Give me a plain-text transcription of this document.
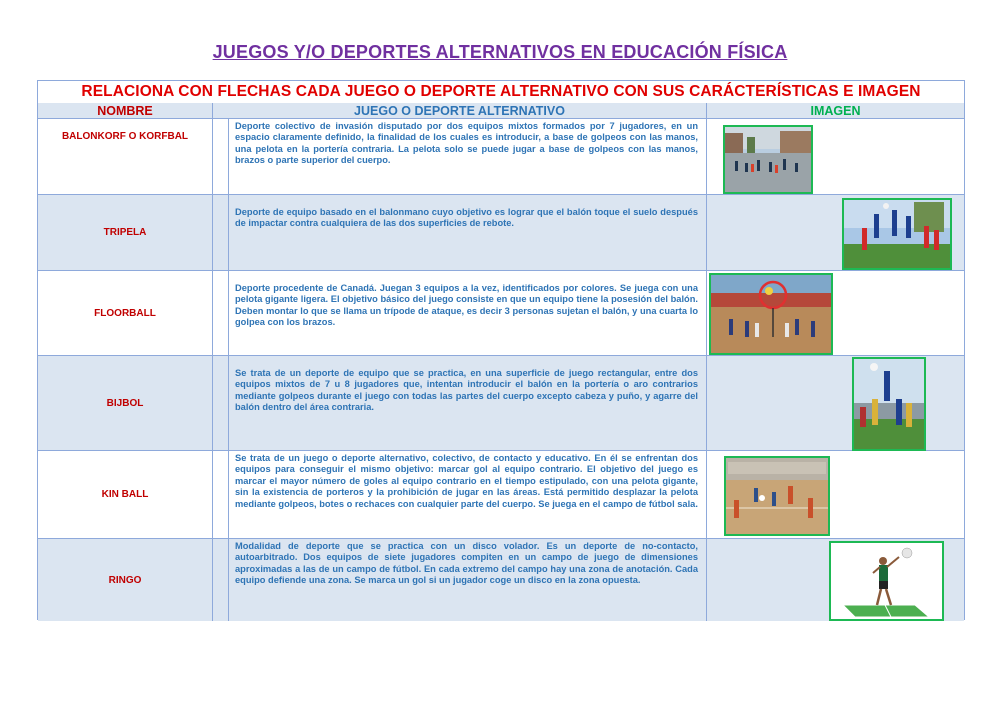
JUEGOS Y/O DEPORTES ALTERNATIVOS EN EDUCACIÓN FÍSICA
RELACIONA CON FLECHAS CADA JUEGO O DEPORTE ALTERNATIVO CON SUS CARÁCTERÍSTICAS E IMAGEN
NOMBRE	JUEGO O DEPORTE ALTERNATIVO	IMAGEN
BALONKORF O KORFBAL
Deporte colectivo de invasión disputado por dos equipos mixtos formados por 7 jugadores, en un espacio claramente definido, la finalidad de los cuales es introducir, a base de golpeos con las manos, una pelota en la portería contraria. La pelota solo se puede jugar a base de golpeos con las manos, brazos o parte superior del cuerpo.
TRIPELA
Deporte de equipo basado en el balonmano cuyo objetivo es lograr que el balón toque el suelo después de impactar contra cualquiera de las dos superficies de rebote.
FLOORBALL
Deporte procedente de Canadá. Juegan 3 equipos a la vez, identificados por colores. Se juega con una pelota gigante ligera. El objetivo básico del juego consiste en que un equipo tiene la posesión del balón. Deben montar lo que se llama un trípode de ataque, es decir 3 personas sujetan el balón, y una cuarta lo golpea con los brazos.
BIJBOL
Se trata de un deporte de equipo que se practica, en una superficie de juego rectangular, entre dos equipos mixtos de 7 u 8 jugadores que, intentan introducir el balón en la portería o aro contrarios mediante golpeos durante el juego con todas las partes del cuerpo excepto cabeza y puño, y agarre del balón dentro del área contraria.
KIN BALL
Se trata de un juego o deporte alternativo, colectivo, de contacto y educativo. En él se enfrentan dos equipos para conseguir el mismo objetivo: marcar gol al equipo contrario. El objetivo del juego es marcar el mayor número de goles al equipo contrario en el tiempo estipulado, con una pelota gigante, sin la existencia de porteros y la prohibición de jugar en las áreas. Está permitido desplazar la pelota mediante golpeos, botes o rechaces con cualquier parte del cuerpo. Se juega en el campo de fútbol sala.
RINGO
Modalidad de deporte que se practica con un disco volador. Es un deporte de no-contacto, autoarbitrado. Dos equipos de siete jugadores compiten en un campo de juego de dimensiones aproximadas a las de un campo de fútbol. En cada extremo del campo hay una zona de anotación. Cada equipo defiende una zona. Se marca un gol si un jugador coge un disco en la zona opuesta.
